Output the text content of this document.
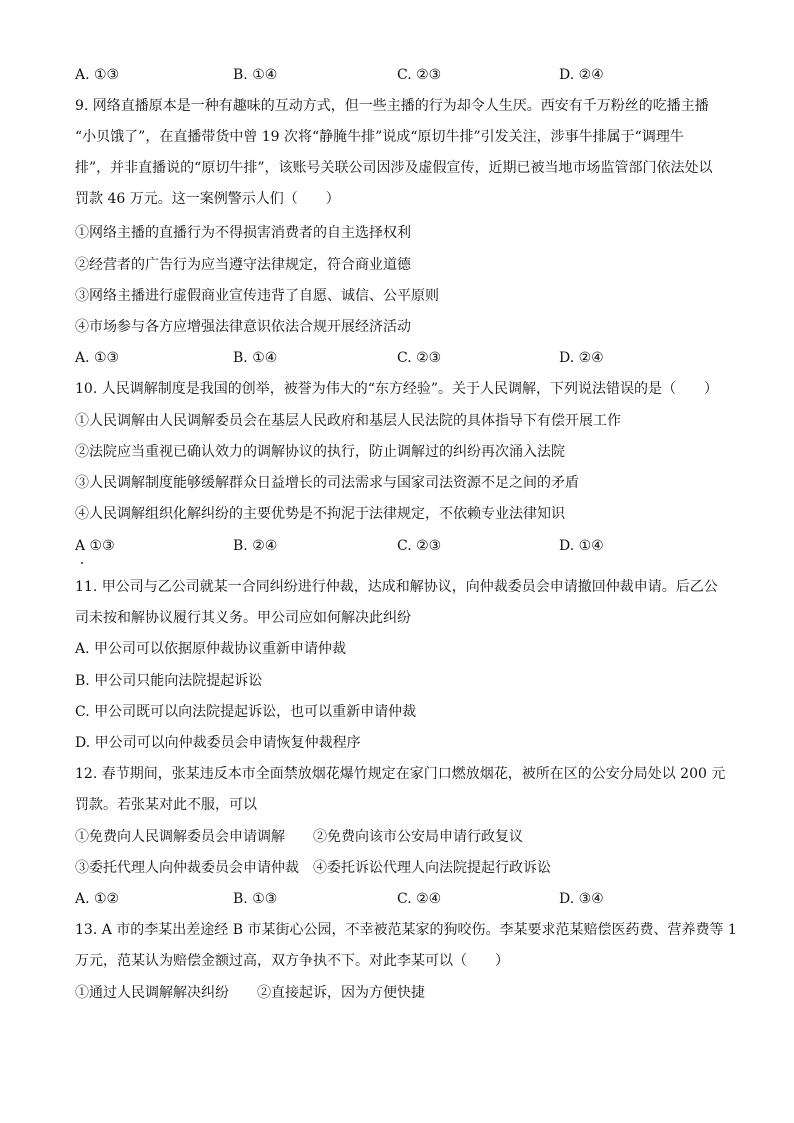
A. ①③	B. ①④	C. ②③	D. ②④
9. 网络直播原本是一种有趣味的互动方式，但一些主播的行为却令人生厌。西安有千万粉丝的吃播主播
“小贝饿了”，在直播带货中曾 19 次将“静腌牛排”说成“原切牛排”引发关注，涉事牛排属于“调理牛
排”，并非直播说的“原切牛排”，该账号关联公司因涉及虚假宣传，近期已被当地市场监管部门依法处以
罚款 46 万元。这一案例警示人们（　　）
①网络主播的直播行为不得损害消费者的自主选择权利
②经营者的广告行为应当遵守法律规定，符合商业道德
③网络主播进行虚假商业宣传违背了自愿、诚信、公平原则
④市场参与各方应增强法律意识依法合规开展经济活动
A. ①③	B. ①④	C. ②③	D. ②④
10. 人民调解制度是我国的创举，被誉为伟大的“东方经验”。关于人民调解，下列说法错误的是（　　）
①人民调解由人民调解委员会在基层人民政府和基层人民法院的具体指导下有偿开展工作
②法院应当重视已确认效力的调解协议的执行，防止调解过的纠纷再次涌入法院
③人民调解制度能够缓解群众日益增长的司法需求与国家司法资源不足之间的矛盾
④人民调解组织化解纠纷的主要优势是不拘泥于法律规定，不依赖专业法律知识
A ①③	B. ②④	C. ②③	D. ①④
11. 甲公司与乙公司就某一合同纠纷进行仲裁，达成和解协议，向仲裁委员会申请撤回仲裁申请。后乙公
司未按和解协议履行其义务。甲公司应如何解决此纠纷
A. 甲公司可以依据原仲裁协议重新申请仲裁
B. 甲公司只能向法院提起诉讼
C. 甲公司既可以向法院提起诉讼，也可以重新申请仲裁
D. 甲公司可以向仲裁委员会申请恢复仲裁程序
12. 春节期间，张某违反本市全面禁放烟花爆竹规定在家门口燃放烟花，被所在区的公安分局处以 200 元
罚款。若张某对此不服，可以
①免费向人民调解委员会申请调解　　②免费向该市公安局申请行政复议
③委托代理人向仲裁委员会申请仲裁　④委托诉讼代理人向法院提起行政诉讼
A. ①②	B. ①③	C. ②④	D. ③④
13. A 市的李某出差途经 B 市某街心公园，不幸被范某家的狗咬伤。李某要求范某赔偿医药费、营养费等 1
万元，范某认为赔偿金额过高，双方争执不下。对此李某可以（　　）
①通过人民调解解决纠纷　　②直接起诉，因为方便快捷
